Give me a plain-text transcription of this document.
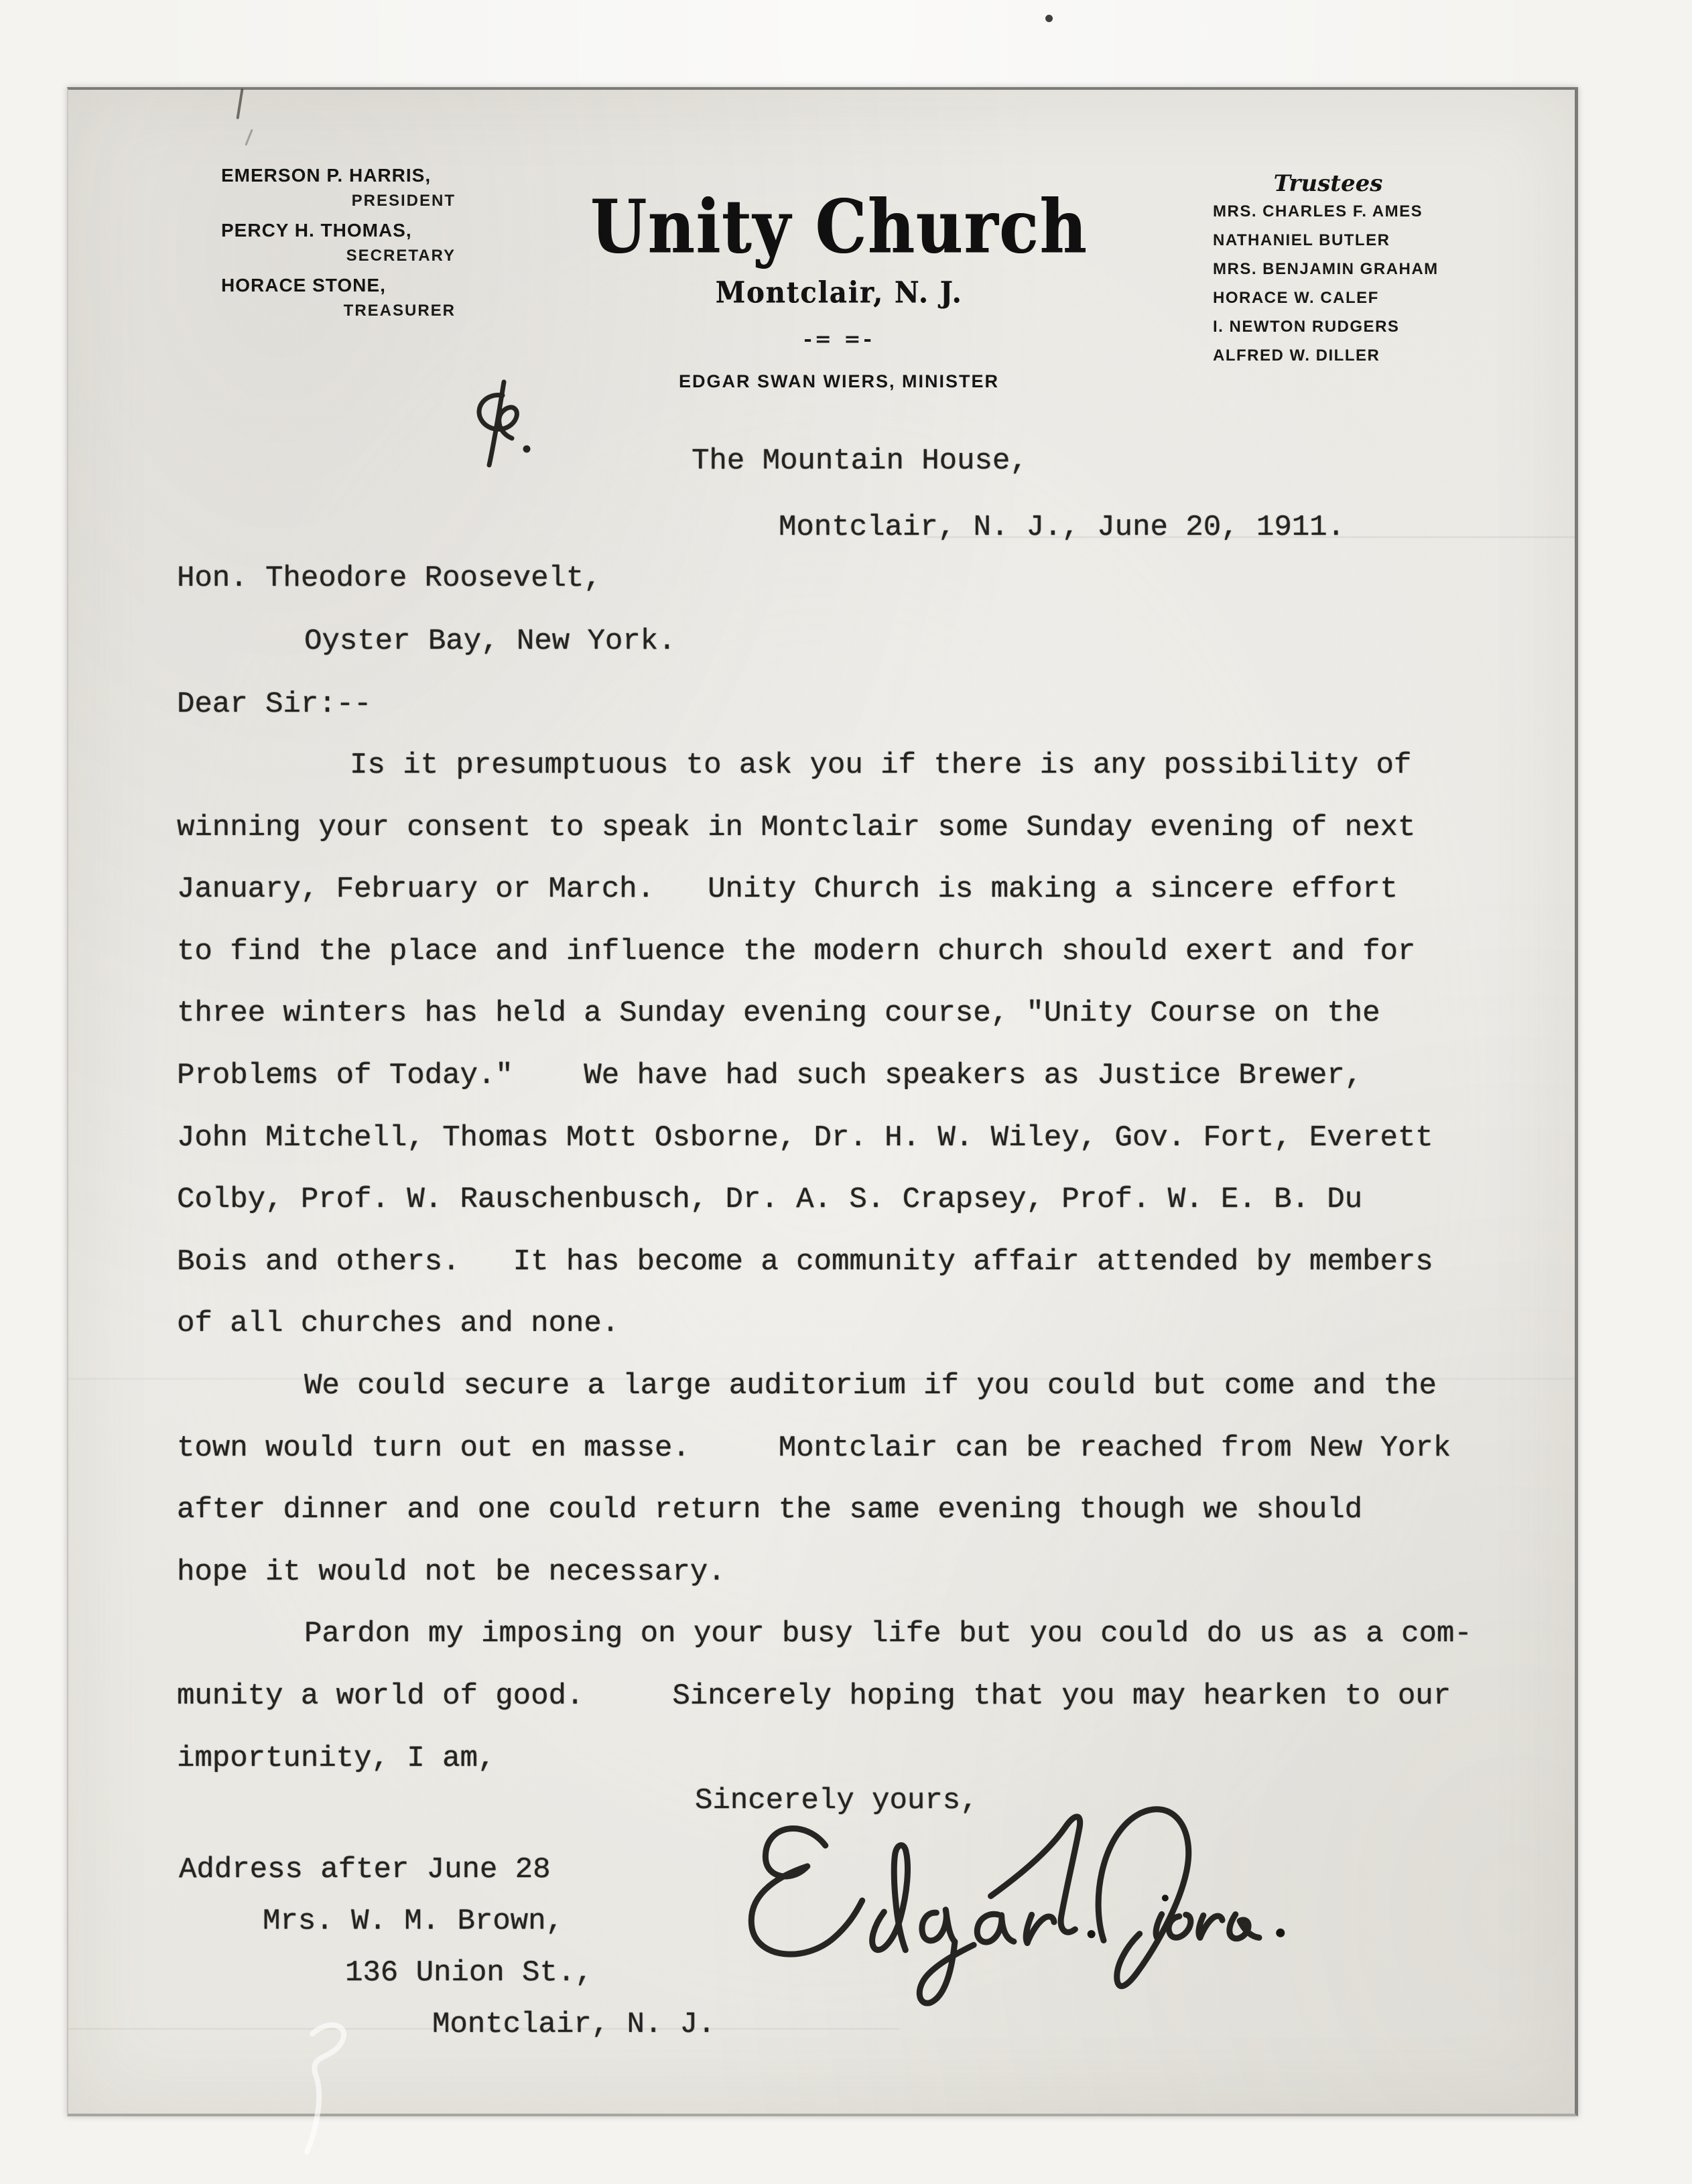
EMERSON P. HARRIS,
PRESIDENT
PERCY H. THOMAS,
SECRETARY
HORACE STONE,
TREASURER
Unity Church
Montclair, N. J.
-= =-
EDGAR SWAN WIERS, MINISTER
Trustees
MRS. CHARLES F. AMES
NATHANIEL BUTLER
MRS. BENJAMIN GRAHAM
HORACE W. CALEF
I. NEWTON RUDGERS
ALFRED W. DILLER
The Mountain House,
Montclair, N. J., June 20, 1911.
Hon. Theodore Roosevelt,
Oyster Bay, New York.
Dear Sir:--
Is it presumptuous to ask you if there is any possibility of
winning your consent to speak in Montclair some Sunday evening of next
January, February or March.   Unity Church is making a sincere effort
to find the place and influence the modern church should exert and for
three winters has held a Sunday evening course, "Unity Course on the
Problems of Today."    We have had such speakers as Justice Brewer,
John Mitchell, Thomas Mott Osborne, Dr. H. W. Wiley, Gov. Fort, Everett
Colby, Prof. W. Rauschenbusch, Dr. A. S. Crapsey, Prof. W. E. B. Du
Bois and others.   It has become a community affair attended by members
of all churches and none.
We could secure a large auditorium if you could but come and the
town would turn out en masse.     Montclair can be reached from New York
after dinner and one could return the same evening though we should
hope it would not be necessary.
Pardon my imposing on your busy life but you could do us as a com-
munity a world of good.     Sincerely hoping that you may hearken to our
importunity, I am,
Sincerely yours,
Address after June 28
Mrs. W. M. Brown,
136 Union St.,
Montclair, N. J.
